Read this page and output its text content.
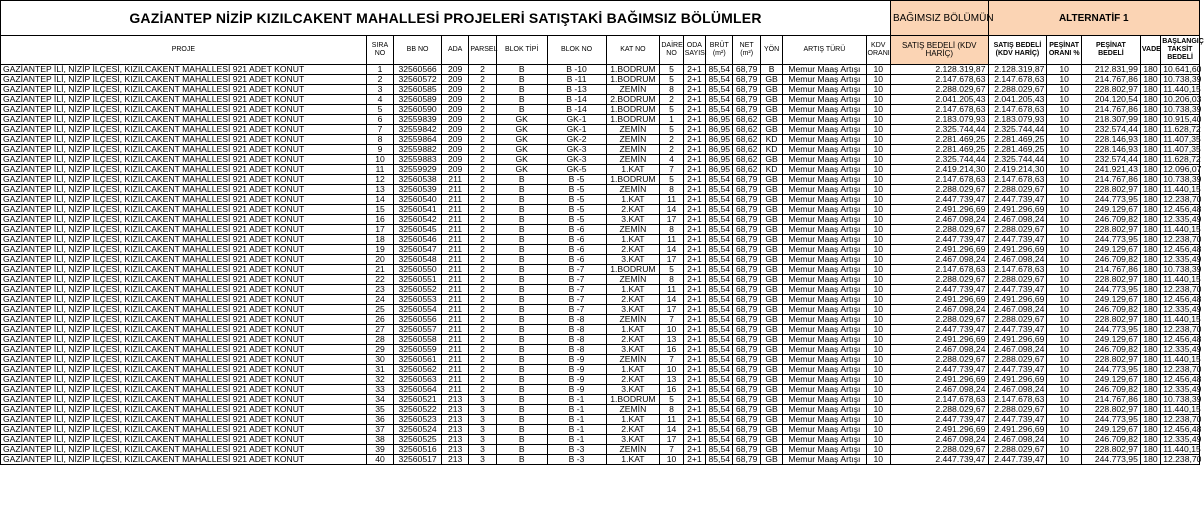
GAZİANTEP NİZİP KIZILCAKENT MAHALLESİ PROJELERİ SATIŞTAKİ BAĞIMSIZ BÖLÜMLER															BAĞIMSIZ BÖLÜMÜN	ALTERNATİF 1				
PROJE	SIRA NO	BB NO	ADA	PARSEL	BLOK TİPİ	BLOK NO	KAT NO	DAİRE NO	ODA SAYISI	BRÜT (m²)	NET (m²)	YÖN	ARTIŞ TÜRÜ	KDV ORANI	SATIŞ BEDELİ (KDV HARİÇ)	SATIŞ BEDELİ (KDV HARİÇ)	PEŞİNAT ORANI %	PEŞİNAT BEDELİ	VADE	BAŞLANGIÇ TAKSİT BEDELİ
GAZİANTEP İLİ, NİZİP İLÇESİ, KIZILCAKENT MAHALLESİ 921 ADET KONUT	1	32560566	209	2	B	B -10	1.BODRUM	5	2+1	85,54	68,79	B	Memur Maaş Artışı	10	2.128.319,87	2.128.319,87	10	212.831,99	180	10.641,60
GAZİANTEP İLİ, NİZİP İLÇESİ, KIZILCAKENT MAHALLESİ 921 ADET KONUT	2	32560572	209	2	B	B -11	1.BODRUM	5	2+1	85,54	68,79	GB	Memur Maaş Artışı	10	2.147.678,63	2.147.678,63	10	214.767,86	180	10.738,39
GAZİANTEP İLİ, NİZİP İLÇESİ, KIZILCAKENT MAHALLESİ 921 ADET KONUT	3	32560585	209	2	B	B -13	ZEMİN	8	2+1	85,54	68,79	GB	Memur Maaş Artışı	10	2.288.029,67	2.288.029,67	10	228.802,97	180	11.440,15
GAZİANTEP İLİ, NİZİP İLÇESİ, KIZILCAKENT MAHALLESİ 921 ADET KONUT	4	32560589	209	2	B	B -14	2.BODRUM	2	2+1	85,54	68,79	GB	Memur Maaş Artışı	10	2.041.205,43	2.041.205,43	10	204.120,54	180	10.206,03
GAZİANTEP İLİ, NİZİP İLÇESİ, KIZILCAKENT MAHALLESİ 921 ADET KONUT	5	32560590	209	2	B	B -14	1.BODRUM	5	2+1	85,54	68,79	GB	Memur Maaş Artışı	10	2.147.678,63	2.147.678,63	10	214.767,86	180	10.738,39
GAZİANTEP İLİ, NİZİP İLÇESİ, KIZILCAKENT MAHALLESİ 921 ADET KONUT	6	32559839	209	2	GK	GK-1	1.BODRUM	1	2+1	86,95	68,62	GB	Memur Maaş Artışı	10	2.183.079,93	2.183.079,93	10	218.307,99	180	10.915,40
GAZİANTEP İLİ, NİZİP İLÇESİ, KIZILCAKENT MAHALLESİ 921 ADET KONUT	7	32559842	209	2	GK	GK-1	ZEMİN	5	2+1	86,95	68,62	GB	Memur Maaş Artışı	10	2.325.744,44	2.325.744,44	10	232.574,44	180	11.628,72
GAZİANTEP İLİ, NİZİP İLÇESİ, KIZILCAKENT MAHALLESİ 921 ADET KONUT	8	32559864	209	2	GK	GK-2	ZEMİN	2	2+1	86,95	68,62	KD	Memur Maaş Artışı	10	2.281.469,25	2.281.469,25	10	228.146,93	180	11.407,35
GAZİANTEP İLİ, NİZİP İLÇESİ, KIZILCAKENT MAHALLESİ 921 ADET KONUT	9	32559882	209	2	GK	GK-3	ZEMİN	2	2+1	86,95	68,62	KD	Memur Maaş Artışı	10	2.281.469,25	2.281.469,25	10	228.146,93	180	11.407,35
GAZİANTEP İLİ, NİZİP İLÇESİ, KIZILCAKENT MAHALLESİ 921 ADET KONUT	10	32559883	209	2	GK	GK-3	ZEMİN	4	2+1	86,95	68,62	GB	Memur Maaş Artışı	10	2.325.744,44	2.325.744,44	10	232.574,44	180	11.628,72
GAZİANTEP İLİ, NİZİP İLÇESİ, KIZILCAKENT MAHALLESİ 921 ADET KONUT	11	32559929	209	2	GK	GK-5	1.KAT	7	2+1	86,95	68,62	KD	Memur Maaş Artışı	10	2.419.214,30	2.419.214,30	10	241.921,43	180	12.096,07
GAZİANTEP İLİ, NİZİP İLÇESİ, KIZILCAKENT MAHALLESİ 921 ADET KONUT	12	32560538	211	2	B	B -5	1.BODRUM	5	2+1	85,54	68,79	GB	Memur Maaş Artışı	10	2.147.678,63	2.147.678,63	10	214.767,86	180	10.738,39
GAZİANTEP İLİ, NİZİP İLÇESİ, KIZILCAKENT MAHALLESİ 921 ADET KONUT	13	32560539	211	2	B	B -5	ZEMİN	8	2+1	85,54	68,79	GB	Memur Maaş Artışı	10	2.288.029,67	2.288.029,67	10	228.802,97	180	11.440,15
GAZİANTEP İLİ, NİZİP İLÇESİ, KIZILCAKENT MAHALLESİ 921 ADET KONUT	14	32560540	211	2	B	B -5	1.KAT	11	2+1	85,54	68,79	GB	Memur Maaş Artışı	10	2.447.739,47	2.447.739,47	10	244.773,95	180	12.238,70
GAZİANTEP İLİ, NİZİP İLÇESİ, KIZILCAKENT MAHALLESİ 921 ADET KONUT	15	32560541	211	2	B	B -5	2.KAT	14	2+1	85,54	68,79	GB	Memur Maaş Artışı	10	2.491.296,69	2.491.296,69	10	249.129,67	180	12.456,48
GAZİANTEP İLİ, NİZİP İLÇESİ, KIZILCAKENT MAHALLESİ 921 ADET KONUT	16	32560542	211	2	B	B -5	3.KAT	17	2+1	85,54	68,79	GB	Memur Maaş Artışı	10	2.467.098,24	2.467.098,24	10	246.709,82	180	12.335,49
GAZİANTEP İLİ, NİZİP İLÇESİ, KIZILCAKENT MAHALLESİ 921 ADET KONUT	17	32560545	211	2	B	B -6	ZEMİN	8	2+1	85,54	68,79	GB	Memur Maaş Artışı	10	2.288.029,67	2.288.029,67	10	228.802,97	180	11.440,15
GAZİANTEP İLİ, NİZİP İLÇESİ, KIZILCAKENT MAHALLESİ 921 ADET KONUT	18	32560546	211	2	B	B -6	1.KAT	11	2+1	85,54	68,79	GB	Memur Maaş Artışı	10	2.447.739,47	2.447.739,47	10	244.773,95	180	12.238,70
GAZİANTEP İLİ, NİZİP İLÇESİ, KIZILCAKENT MAHALLESİ 921 ADET KONUT	19	32560547	211	2	B	B -6	2.KAT	14	2+1	85,54	68,79	GB	Memur Maaş Artışı	10	2.491.296,69	2.491.296,69	10	249.129,67	180	12.456,48
GAZİANTEP İLİ, NİZİP İLÇESİ, KIZILCAKENT MAHALLESİ 921 ADET KONUT	20	32560548	211	2	B	B -6	3.KAT	17	2+1	85,54	68,79	GB	Memur Maaş Artışı	10	2.467.098,24	2.467.098,24	10	246.709,82	180	12.335,49
GAZİANTEP İLİ, NİZİP İLÇESİ, KIZILCAKENT MAHALLESİ 921 ADET KONUT	21	32560550	211	2	B	B -7	1.BODRUM	5	2+1	85,54	68,79	GB	Memur Maaş Artışı	10	2.147.678,63	2.147.678,63	10	214.767,86	180	10.738,39
GAZİANTEP İLİ, NİZİP İLÇESİ, KIZILCAKENT MAHALLESİ 921 ADET KONUT	22	32560551	211	2	B	B -7	ZEMİN	8	2+1	85,54	68,79	GB	Memur Maaş Artışı	10	2.288.029,67	2.288.029,67	10	228.802,97	180	11.440,15
GAZİANTEP İLİ, NİZİP İLÇESİ, KIZILCAKENT MAHALLESİ 921 ADET KONUT	23	32560552	211	2	B	B -7	1.KAT	11	2+1	85,54	68,79	GB	Memur Maaş Artışı	10	2.447.739,47	2.447.739,47	10	244.773,95	180	12.238,70
GAZİANTEP İLİ, NİZİP İLÇESİ, KIZILCAKENT MAHALLESİ 921 ADET KONUT	24	32560553	211	2	B	B -7	2.KAT	14	2+1	85,54	68,79	GB	Memur Maaş Artışı	10	2.491.296,69	2.491.296,69	10	249.129,67	180	12.456,48
GAZİANTEP İLİ, NİZİP İLÇESİ, KIZILCAKENT MAHALLESİ 921 ADET KONUT	25	32560554	211	2	B	B -7	3.KAT	17	2+1	85,54	68,79	GB	Memur Maaş Artışı	10	2.467.098,24	2.467.098,24	10	246.709,82	180	12.335,49
GAZİANTEP İLİ, NİZİP İLÇESİ, KIZILCAKENT MAHALLESİ 921 ADET KONUT	26	32560556	211	2	B	B -8	ZEMİN	7	2+1	85,54	68,79	GB	Memur Maaş Artışı	10	2.288.029,67	2.288.029,67	10	228.802,97	180	11.440,15
GAZİANTEP İLİ, NİZİP İLÇESİ, KIZILCAKENT MAHALLESİ 921 ADET KONUT	27	32560557	211	2	B	B -8	1.KAT	10	2+1	85,54	68,79	GB	Memur Maaş Artışı	10	2.447.739,47	2.447.739,47	10	244.773,95	180	12.238,70
GAZİANTEP İLİ, NİZİP İLÇESİ, KIZILCAKENT MAHALLESİ 921 ADET KONUT	28	32560558	211	2	B	B -8	2.KAT	13	2+1	85,54	68,79	GB	Memur Maaş Artışı	10	2.491.296,69	2.491.296,69	10	249.129,67	180	12.456,48
GAZİANTEP İLİ, NİZİP İLÇESİ, KIZILCAKENT MAHALLESİ 921 ADET KONUT	29	32560559	211	2	B	B -8	3.KAT	16	2+1	85,54	68,79	GB	Memur Maaş Artışı	10	2.467.098,24	2.467.098,24	10	246.709,82	180	12.335,49
GAZİANTEP İLİ, NİZİP İLÇESİ, KIZILCAKENT MAHALLESİ 921 ADET KONUT	30	32560561	211	2	B	B -9	ZEMİN	7	2+1	85,54	68,79	GB	Memur Maaş Artışı	10	2.288.029,67	2.288.029,67	10	228.802,97	180	11.440,15
GAZİANTEP İLİ, NİZİP İLÇESİ, KIZILCAKENT MAHALLESİ 921 ADET KONUT	31	32560562	211	2	B	B -9	1.KAT	10	2+1	85,54	68,79	GB	Memur Maaş Artışı	10	2.447.739,47	2.447.739,47	10	244.773,95	180	12.238,70
GAZİANTEP İLİ, NİZİP İLÇESİ, KIZILCAKENT MAHALLESİ 921 ADET KONUT	32	32560563	211	2	B	B -9	2.KAT	13	2+1	85,54	68,79	GB	Memur Maaş Artışı	10	2.491.296,69	2.491.296,69	10	249.129,67	180	12.456,48
GAZİANTEP İLİ, NİZİP İLÇESİ, KIZILCAKENT MAHALLESİ 921 ADET KONUT	33	32560564	211	2	B	B -9	3.KAT	16	2+1	85,54	68,79	GB	Memur Maaş Artışı	10	2.467.098,24	2.467.098,24	10	246.709,82	180	12.335,49
GAZİANTEP İLİ, NİZİP İLÇESİ, KIZILCAKENT MAHALLESİ 921 ADET KONUT	34	32560521	213	3	B	B -1	1.BODRUM	5	2+1	85,54	68,79	GB	Memur Maaş Artışı	10	2.147.678,63	2.147.678,63	10	214.767,86	180	10.738,39
GAZİANTEP İLİ, NİZİP İLÇESİ, KIZILCAKENT MAHALLESİ 921 ADET KONUT	35	32560522	213	3	B	B -1	ZEMİN	8	2+1	85,54	68,79	GB	Memur Maaş Artışı	10	2.288.029,67	2.288.029,67	10	228.802,97	180	11.440,15
GAZİANTEP İLİ, NİZİP İLÇESİ, KIZILCAKENT MAHALLESİ 921 ADET KONUT	36	32560523	213	3	B	B -1	1.KAT	11	2+1	85,54	68,79	GB	Memur Maaş Artışı	10	2.447.739,47	2.447.739,47	10	244.773,95	180	12.238,70
GAZİANTEP İLİ, NİZİP İLÇESİ, KIZILCAKENT MAHALLESİ 921 ADET KONUT	37	32560524	213	3	B	B -1	2.KAT	14	2+1	85,54	68,79	GB	Memur Maaş Artışı	10	2.491.296,69	2.491.296,69	10	249.129,67	180	12.456,48
GAZİANTEP İLİ, NİZİP İLÇESİ, KIZILCAKENT MAHALLESİ 921 ADET KONUT	38	32560525	213	3	B	B -1	3.KAT	17	2+1	85,54	68,79	GB	Memur Maaş Artışı	10	2.467.098,24	2.467.098,24	10	246.709,82	180	12.335,49
GAZİANTEP İLİ, NİZİP İLÇESİ, KIZILCAKENT MAHALLESİ 921 ADET KONUT	39	32560516	213	3	B	B -3	ZEMİN	7	2+1	85,54	68,79	GB	Memur Maaş Artışı	10	2.288.029,67	2.288.029,67	10	228.802,97	180	11.440,15
GAZİANTEP İLİ, NİZİP İLÇESİ, KIZILCAKENT MAHALLESİ 921 ADET KONUT	40	32560517	213	3	B	B -3	1.KAT	10	2+1	85,54	68,79	GB	Memur Maaş Artışı	10	2.447.739,47	2.447.739,47	10	244.773,95	180	12.238,70
